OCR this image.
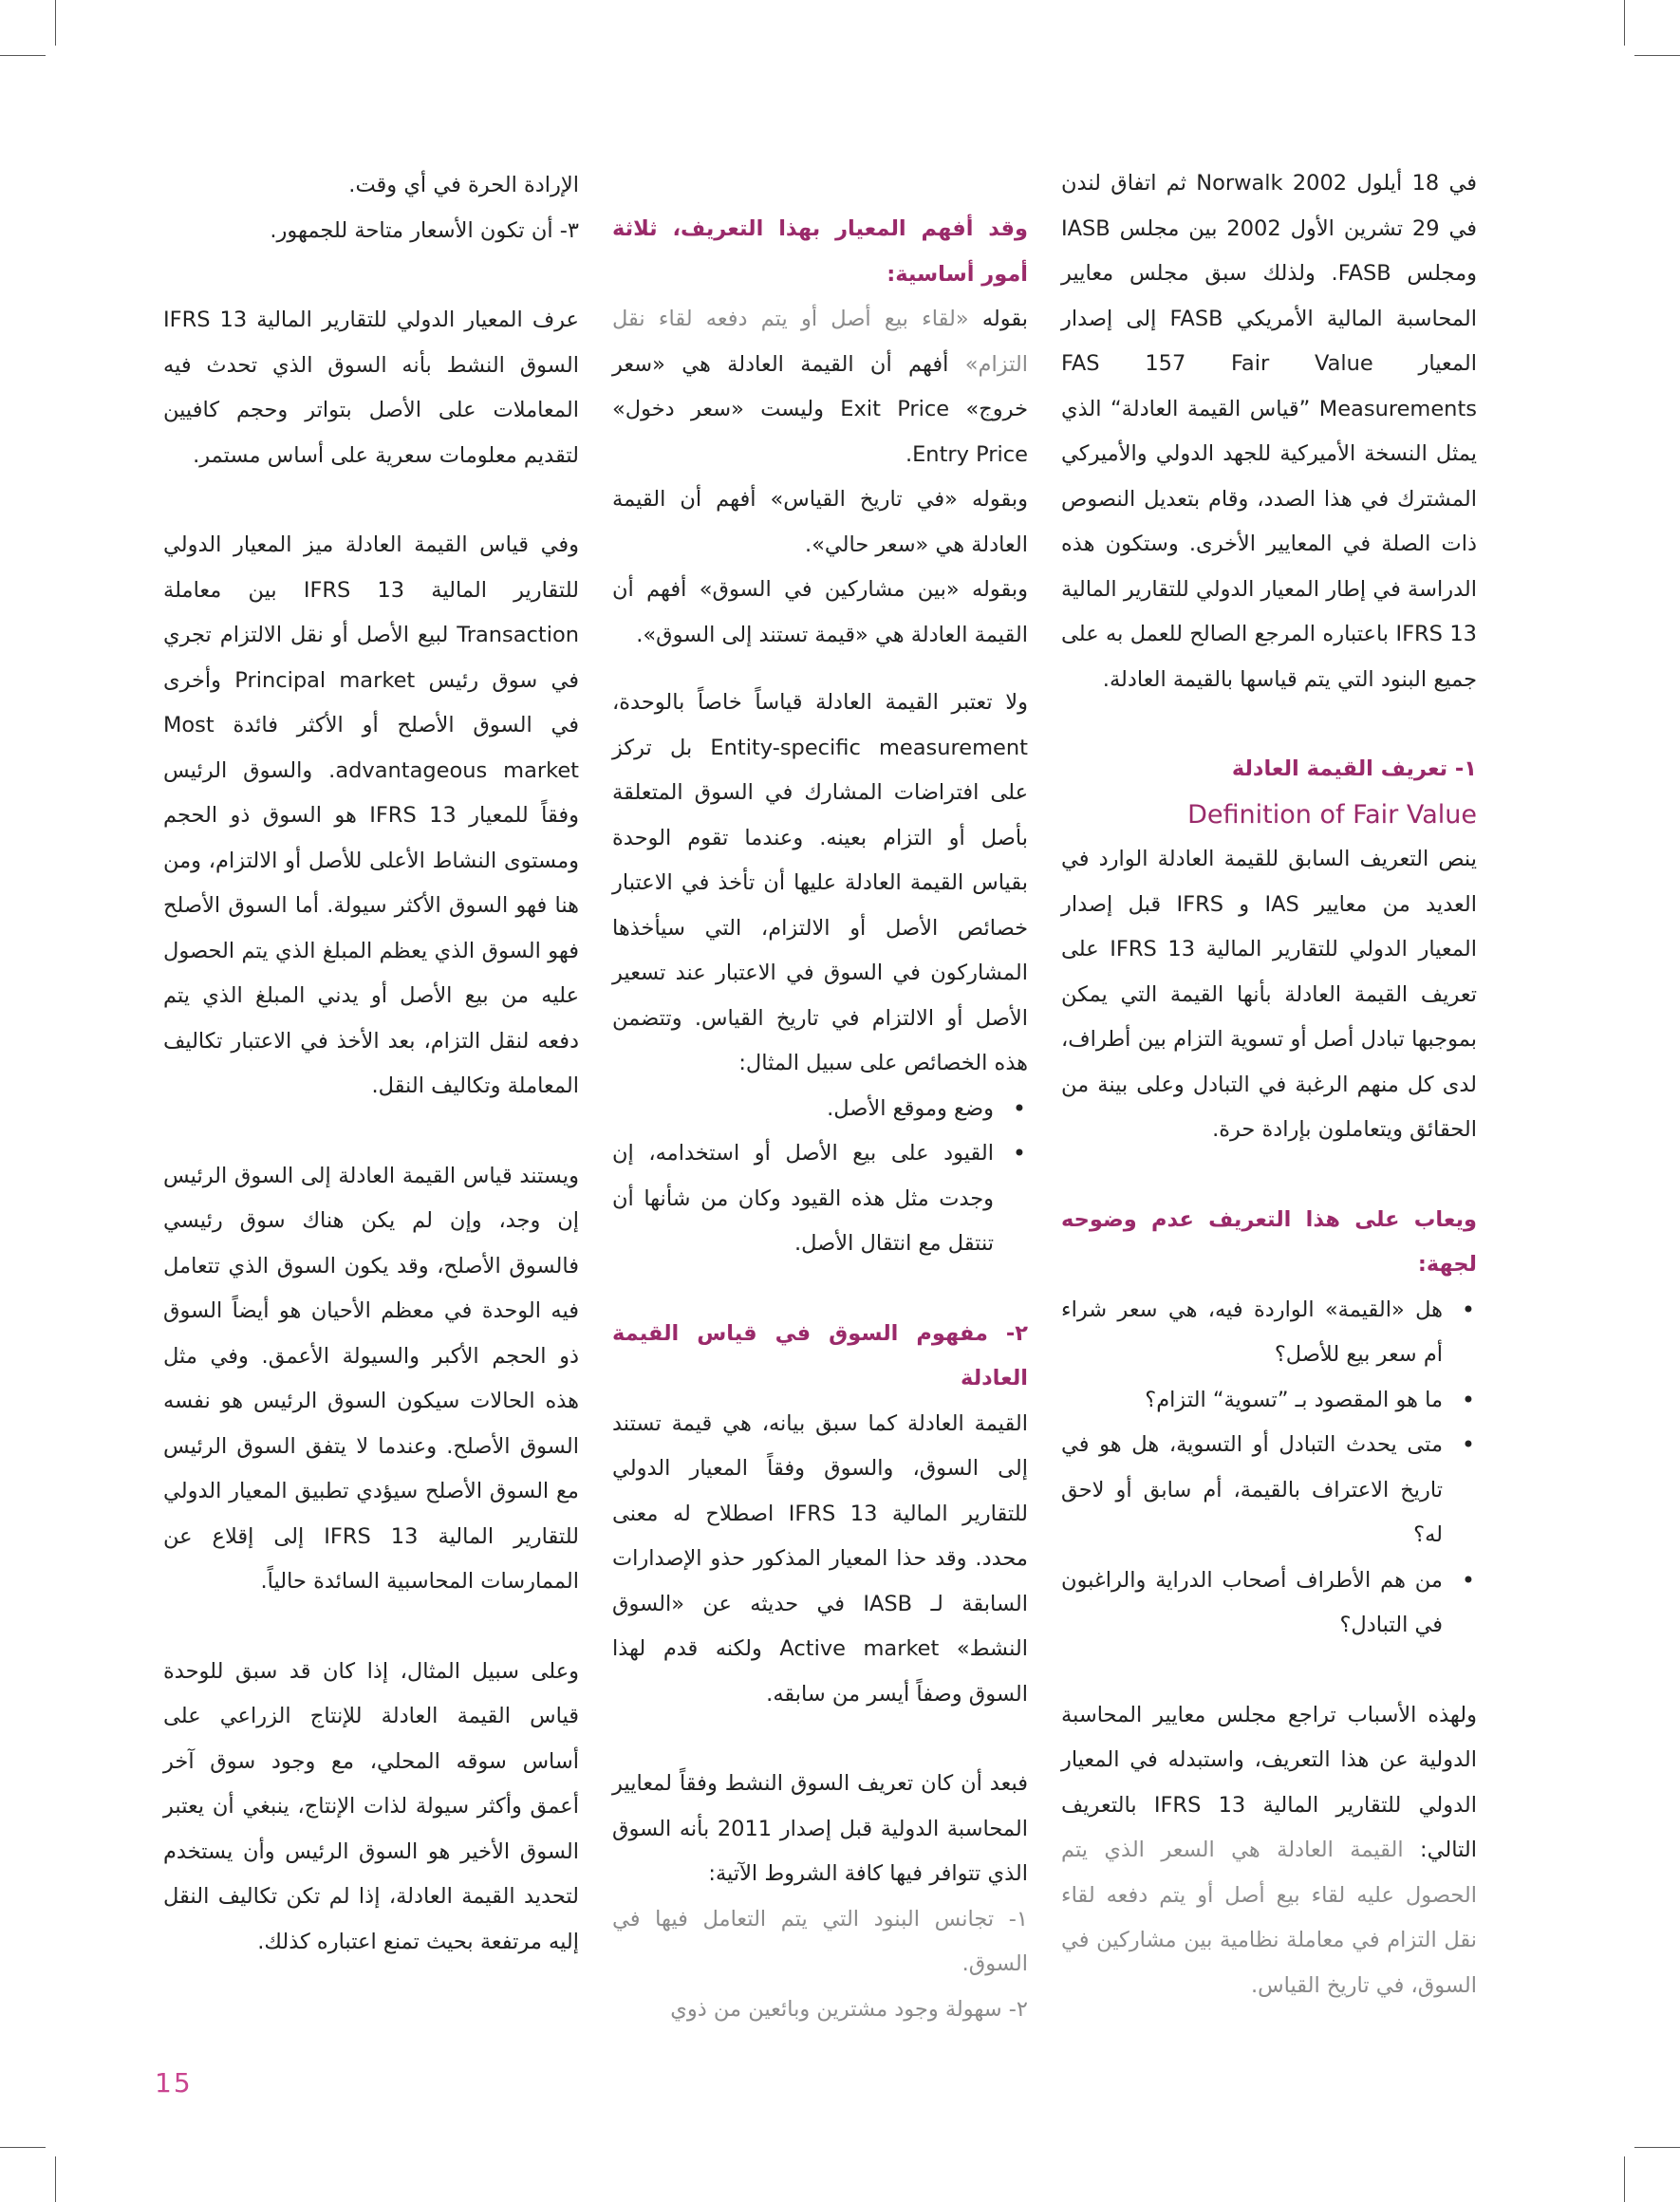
في 18 أيلول 2002 Norwalk ثم اتفاق لندن في 29 تشرين الأول 2002 بين مجلس IASB ومجلس FASB. ولذلك سبق مجلس معايير المحاسبة المالية الأمريكي FASB إلى إصدار المعيار FAS 157 Fair Value Measurements ”قياس القيمة العادلة“ الذي يمثل النسخة الأميركية للجهد الدولي والأميركي المشترك في هذا الصدد، وقام بتعديل النصوص ذات الصلة في المعايير الأخرى. وستكون هذه الدراسة في إطار المعيار الدولي للتقارير المالية IFRS 13 باعتباره المرجع الصالح للعمل به على جميع البنود التي يتم قياسها بالقيمة العادلة.

١- تعريف القيمة العادلة

Definition of Fair Value

ينص التعريف السابق للقيمة العادلة الوارد في العديد من معايير IAS و IFRS قبل إصدار المعيار الدولي للتقارير المالية IFRS 13 على تعريف القيمة العادلة بأنها القيمة التي يمكن بموجبها تبادل أصل أو تسوية التزام بين أطراف، لدى كل منهم الرغبة في التبادل وعلى بينة من الحقائق ويتعاملون بإرادة حرة.

ويعاب على هذا التعريف عدم وضوحه لجهة:

• هل «القيمة» الواردة فيه، هي سعر شراء أم سعر بيع للأصل؟
• ما هو المقصود بـ ”تسوية“ التزام؟
• متى يحدث التبادل أو التسوية، هل هو في تاريخ الاعتراف بالقيمة، أم سابق أو لاحق له؟
• من هم الأطراف أصحاب الدراية والراغبون في التبادل؟

ولهذه الأسباب تراجع مجلس معايير المحاسبة الدولية عن هذا التعريف، واستبدله في المعيار الدولي للتقارير المالية IFRS 13 بالتعريف التالي: القيمة العادلة هي السعر الذي يتم الحصول عليه لقاء بيع أصل أو يتم دفعه لقاء نقل التزام في معاملة نظامية بين مشاركين في السوق، في تاريخ القياس.

وقد أفهم المعيار بهذا التعريف، ثلاثة أمور أساسية:

بقوله «لقاء بيع أصل أو يتم دفعه لقاء نقل التزام» أفهم أن القيمة العادلة هي «سعر خروج» Exit Price وليست «سعر دخول» Entry Price.

وبقوله «في تاريخ القياس» أفهم أن القيمة العادلة هي «سعر حالي».

وبقوله «بين مشاركين في السوق» أفهم أن القيمة العادلة هي «قيمة تستند إلى السوق».

ولا تعتبر القيمة العادلة قياساً خاصاً بالوحدة، Entity-specific measurement بل تركز على افتراضات المشارك في السوق المتعلقة بأصل أو التزام بعينه. وعندما تقوم الوحدة بقياس القيمة العادلة عليها أن تأخذ في الاعتبار خصائص الأصل أو الالتزام، التي سيأخذها المشاركون في السوق في الاعتبار عند تسعير الأصل أو الالتزام في تاريخ القياس. وتتضمن هذه الخصائص على سبيل المثال:

• وضع وموقع الأصل.
• القيود على بيع الأصل أو استخدامه، إن وجدت مثل هذه القيود وكان من شأنها أن تنتقل مع انتقال الأصل.

٢- مفهوم السوق في قياس القيمة العادلة

القيمة العادلة كما سبق بيانه، هي قيمة تستند إلى السوق، والسوق وفقاً المعيار الدولي للتقارير المالية IFRS 13 اصطلاح له معنى محدد. وقد حذا المعيار المذكور حذو الإصدارات السابقة لـ IASB في حديثه عن «السوق النشط» Active market ولكنه قدم لهذا السوق وصفاً أيسر من سابقه.

فبعد أن كان تعريف السوق النشط وفقاً لمعايير المحاسبة الدولية قبل إصدار 2011 بأنه السوق الذي تتوافر فيها كافة الشروط الآتية:

١- تجانس البنود التي يتم التعامل فيها في السوق.

٢- سهولة وجود مشترين وبائعين من ذوي

الإرادة الحرة في أي وقت.

٣- أن تكون الأسعار متاحة للجمهور.

عرف المعيار الدولي للتقارير المالية IFRS 13 السوق النشط بأنه السوق الذي تحدث فيه المعاملات على الأصل بتواتر وحجم كافيين لتقديم معلومات سعرية على أساس مستمر.

وفي قياس القيمة العادلة ميز المعيار الدولي للتقارير المالية IFRS 13 بين معاملة Transaction لبيع الأصل أو نقل الالتزام تجري في سوق رئيس Principal market وأخرى في السوق الأصلح أو الأكثر فائدة Most advantageous market. والسوق الرئيس وفقاً للمعيار IFRS 13 هو السوق ذو الحجم ومستوى النشاط الأعلى للأصل أو الالتزام، ومن هنا فهو السوق الأكثر سيولة. أما السوق الأصلح فهو السوق الذي يعظم المبلغ الذي يتم الحصول عليه من بيع الأصل أو يدني المبلغ الذي يتم دفعه لنقل التزام، بعد الأخذ في الاعتبار تكاليف المعاملة وتكاليف النقل.

ويستند قياس القيمة العادلة إلى السوق الرئيس إن وجد، وإن لم يكن هناك سوق رئيسي فالسوق الأصلح، وقد يكون السوق الذي تتعامل فيه الوحدة في معظم الأحيان هو أيضاً السوق ذو الحجم الأكبر والسيولة الأعمق. وفي مثل هذه الحالات سيكون السوق الرئيس هو نفسه السوق الأصلح. وعندما لا يتفق السوق الرئيس مع السوق الأصلح سيؤدي تطبيق المعيار الدولي للتقارير المالية IFRS 13 إلى إقلاع عن الممارسات المحاسبية السائدة حالياً.

وعلى سبيل المثال، إذا كان قد سبق للوحدة قياس القيمة العادلة للإنتاج الزراعي على أساس سوقه المحلي، مع وجود سوق آخر أعمق وأكثر سيولة لذات الإنتاج، ينبغي أن يعتبر السوق الأخير هو السوق الرئيس وأن يستخدم لتحديد القيمة العادلة، إذا لم تكن تكاليف النقل إليه مرتفعة بحيث تمنع اعتباره كذلك.

15
